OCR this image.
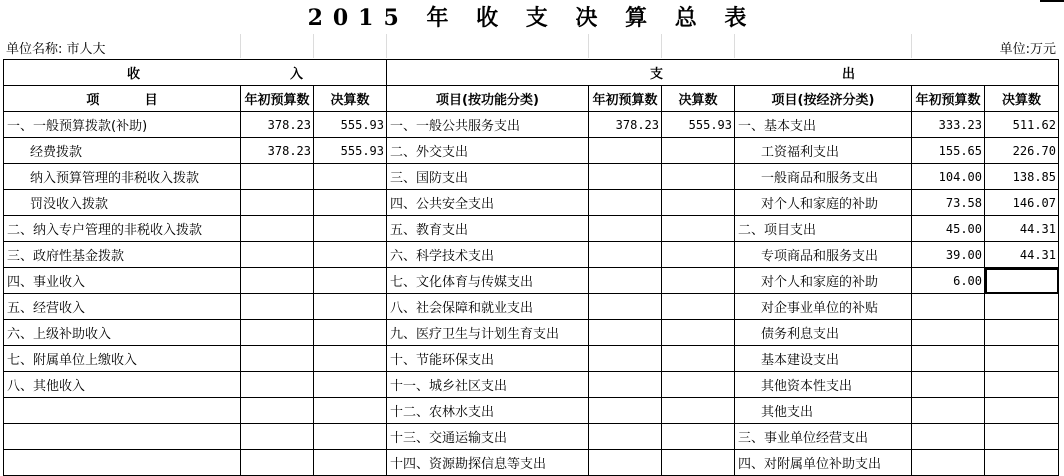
2015 年 收 支 决 算 总 表
单位名称: 市人大	单位:万元
收 入			支 出					

项          目	年初预算数	决算数	项目(按功能分类)	年初预算数	决算数	项目(按经济分类)	年初预算数	决算数
一、一般预算拨款(补助)	378.23	555.93	一、一般公共服务支出	378.23	555.93	一、基本支出	333.23	511.62
经费拨款	378.23	555.93	二、外交支出			工资福利支出	155.65	226.70
纳入预算管理的非税收入拨款			三、国防支出			一般商品和服务支出	104.00	138.85
罚没收入拨款			四、公共安全支出			对个人和家庭的补助	73.58	146.07
二、纳入专户管理的非税收入拨款			五、教育支出			二、项目支出	45.00	44.31
三、政府性基金拨款			六、科学技术支出			专项商品和服务支出	39.00	44.31
四、事业收入			七、文化体育与传媒支出			对个人和家庭的补助	6.00	
五、经营收入			八、社会保障和就业支出			对企事业单位的补贴		
六、上级补助收入			九、医疗卫生与计划生育支出			债务利息支出		
七、附属单位上缴收入			十、节能环保支出			基本建设支出		
八、其他收入			十一、城乡社区支出			其他资本性支出		
			十二、农林水支出			其他支出		
			十三、交通运输支出			三、事业单位经营支出		
			十四、资源勘探信息等支出			四、对附属单位补助支出		
